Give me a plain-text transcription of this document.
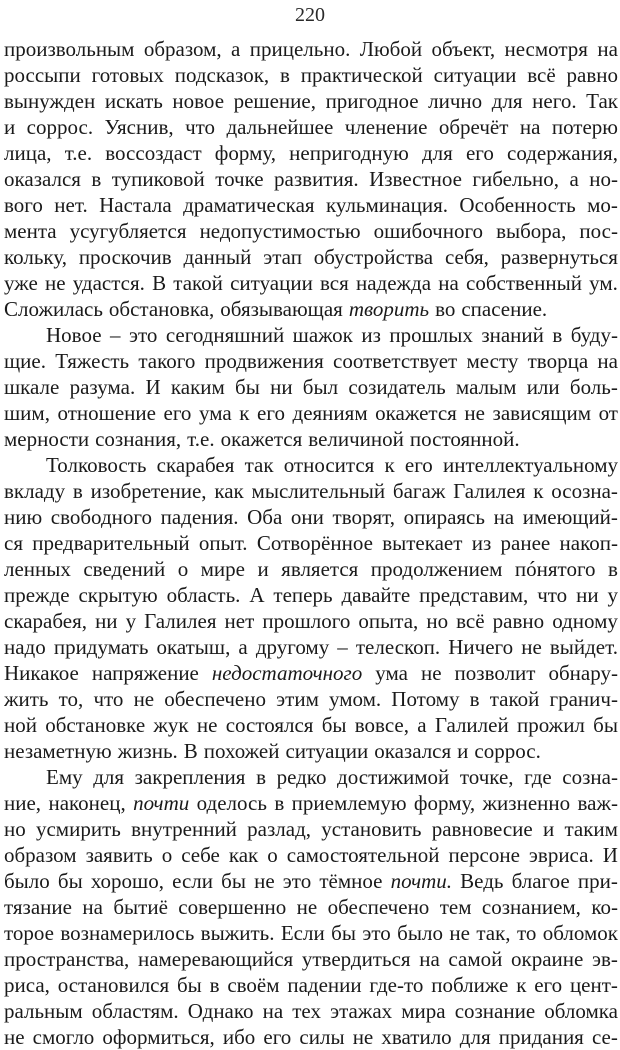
220
произвольным образом, а прицельно. Любой объект, несмотря на
россыпи готовых подсказок, в практической ситуации всё равно
вынужден искать новое решение, пригодное лично для него. Так
и соррос. Уяснив, что дальнейшее членение обречёт на потерю
лица, т.е. воссоздаст форму, непригодную для его содержания,
оказался в тупиковой точке развития. Известное гибельно, а но-
вого нет. Настала драматическая кульминация. Особенность мо-
мента усугубляется недопустимостью ошибочного выбора, пос-
кольку, проскочив данный этап обустройства себя, развернуться
уже не удастся. В такой ситуации вся надежда на собственный ум.
Сложилась обстановка, обязывающая творить во спасение.
Новое – это сегодняшний шажок из прошлых знаний в буду-
щие. Тяжесть такого продвижения соответствует месту творца на
шкале разума. И каким бы ни был созидатель малым или боль-
шим, отношение его ума к его деяниям окажется не зависящим от
мерности сознания, т.е. окажется величиной постоянной.
Толковость скарабея так относится к его интеллектуальному
вкладу в изобретение, как мыслительный багаж Галилея к осозна-
нию свободного падения. Оба они творят, опираясь на имеющий-
ся предварительный опыт. Сотворённое вытекает из ранее накоп-
ленных сведений о мире и является продолжением пóнятого в
прежде скрытую область. А теперь давайте представим, что ни у
скарабея, ни у Галилея нет прошлого опыта, но всё равно одному
надо придумать окатыш, а другому – телескоп. Ничего не выйдет.
Никакое напряжение недостаточного ума не позволит обнару-
жить то, что не обеспечено этим умом. Потому в такой гранич-
ной обстановке жук не состоялся бы вовсе, а Галилей прожил бы
незаметную жизнь. В похожей ситуации оказался и соррос.
Ему для закрепления в редко достижимой точке, где созна-
ние, наконец, почти оделось в приемлемую форму, жизненно важ-
но усмирить внутренний разлад, установить равновесие и таким
образом заявить о себе как о самостоятельной персоне эвриса. И
было бы хорошо, если бы не это тёмное почти. Ведь благое при-
тязание на бытиё совершенно не обеспечено тем сознанием, ко-
торое вознамерилось выжить. Если бы это было не так, то обломок
пространства, намеревающийся утвердиться на самой окраине эв-
риса, остановился бы в своём падении где-то поближе к его цент-
ральным областям. Однако на тех этажах мира сознание обломка
не смогло оформиться, ибо его силы не хватило для придания се-
